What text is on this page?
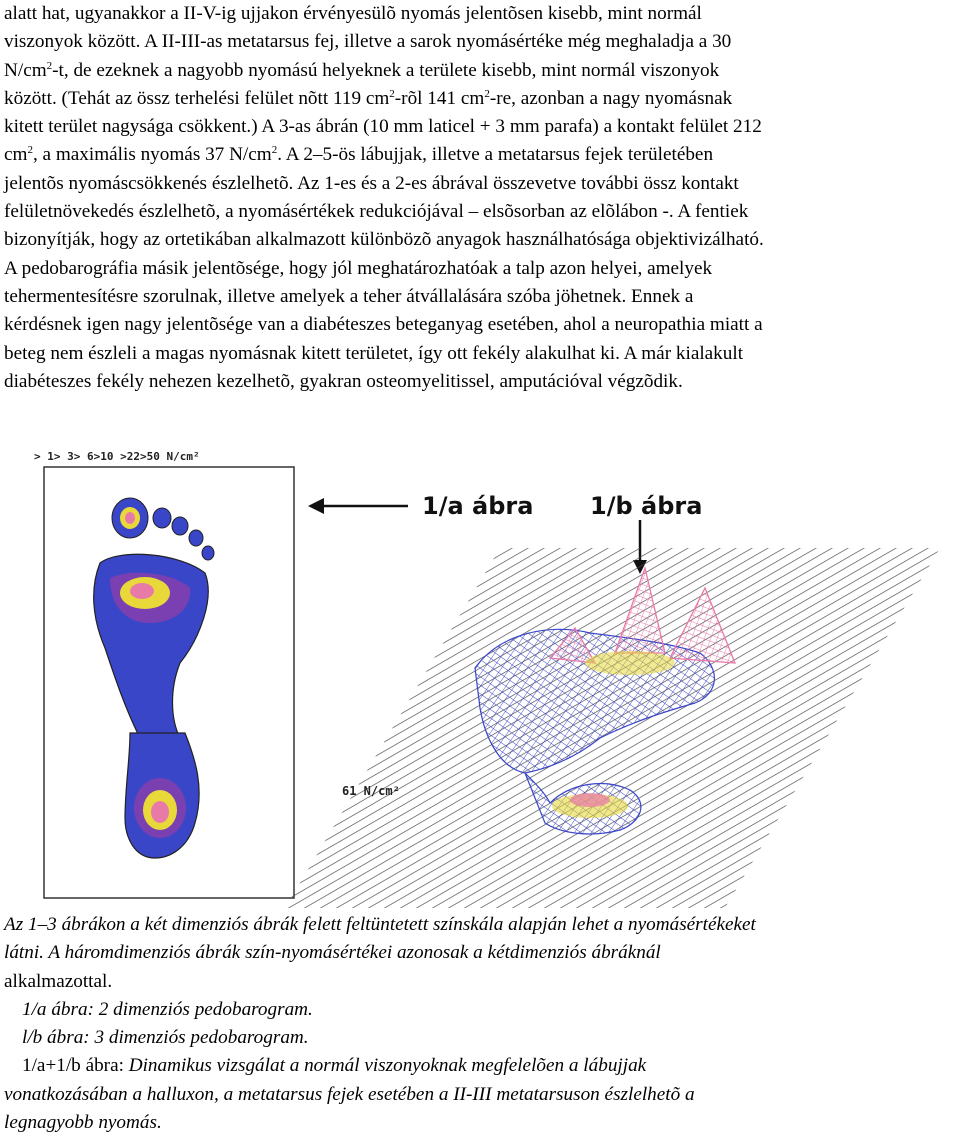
alatt hat, ugyanakkor a II-V-ig ujjakon érvényesülõ nyomás jelentõsen kisebb, mint normál

viszonyok között. A II-III-as metatarsus fej, illetve a sarok nyomásértéke még meghaladja a 30

$N/cm^2-t$, de ezeknek a nagyobb nyomású helyeknek a területe kisebb, mint normál viszonyok

között. (Tehát az össz terhelési felület nõtt 119 $cm^2$-rõl 141 $cm^2-re$, azonban a nagy nyomásnak

kitett terület nagysága csökkent.) A 3-as ábrán (10 mm laticel + 3 mm parafa) a kontakt felület 212

$cm^2$, a maximális nyomás 37 $N/cm^2$. A 2–5-ös lábujjak, illetve a metatarsus fejek területében

jelentõs nyomáscsökkenés észlelhetõ. Az 1-es és a 2-es ábrával összevetve további össz kontakt

felületnövekedés észlelhetõ, a nyomásértékek redukciójával – elsõsorban az elõlábon -. A fentiek

bizonyítják, hogy az ortetikában alkalmazott különbözõ anyagok használhatósága objektivizálható.

A pedobarográfia másik jelentõsége, hogy jól meghatározhatóak a talp azon helyei, amelyek

tehermentesítésre szorulnak, illetve amelyek a teher átvállalására szóba jöhetnek. Ennek a

kérdésnek igen nagy jelentõsége van a diabéteszes beteganyag esetében, ahol a neuropathia miatt a

beteg nem észleli a magas nyomásnak kitett területet, így ott fekély alakulhat ki. A már kialakult

diabéteszes fekély nehezen kezelhetõ, gyakran osteomyelitissel, amputációval végzõdik.

> 1> 3> 6>10 >22>50 N/cm²
1/a ábra 1/b ábra
61 N/cm²

Az 1–3 ábrákon a két dimenziós ábrák felett feltüntetett színskála alapján lehet a nyomásértékeket

látni. A háromdimenziós ábrák szín-nyomásértékei azonosak a kétdimenziós ábráknál

alkalmazottal.

1/a ábra: 2 dimenziós pedobarogram.

l/b ábra: 3 dimenziós pedobarogram.

1/a+1/b ábra: Dinamikus vizsgálat a normál viszonyoknak megfelelõen a lábujjak

vonatkozásában a halluxon, a metatarsus fejek esetében a II-III metatarsuson észlelhetõ a

legnagyobb nyomás.
